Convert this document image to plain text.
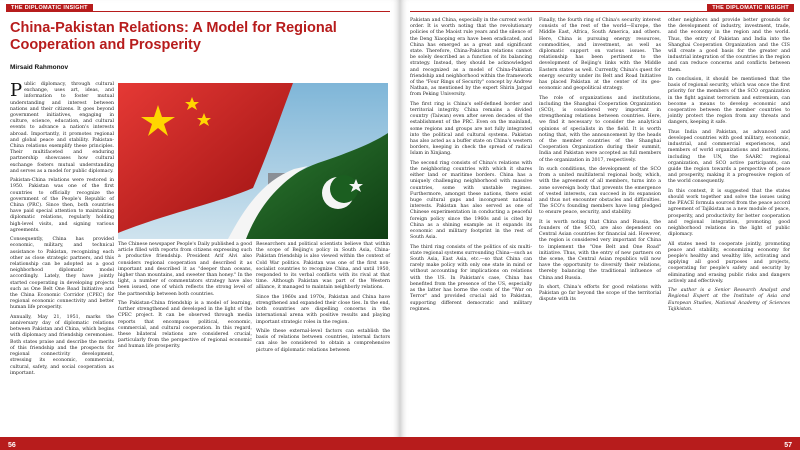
THE DIPLOMATIC INSIGHT
China-Pakistan Relations: A Model for Regional Cooperation and Prosperity
Mirsaid Rahmonov

Public diplomacy, through cultural exchange, uses art, ideas, and information to foster mutual understanding and interest between nations and their citizens. It goes beyond government initiatives, engaging in culture, science, education, and cultural events to advance a nation's interests abroad. Importantly, it promotes regional and global peace and stability. Pakistan-China relations exemplify these principles. Their multifaceted and enduring partnership showcases how cultural exchange fosters mutual understanding and serves as a model for public diplomacy.

Pakistan-China relations were restored in 1950. Pakistan was one of the first countries to officially recognize the government of the People's Republic of China (PRC). Since then, both countries have paid special attention to maintaining diplomatic relations, regularly holding high-level visits, and signing various agreements.

Consequently, China has provided economic, military, and technical assistance to Pakistan, recognizing each other as close strategic partners, and this relationship can be adopted as a good neighborhood diplomatic model accordingly. Lately, they have jointly started cooperating in developing projects such as One Belt One Road Initiative and the China Economic Corridor (CPEC) for regional economic connectivity and better human life prosperity.

Annually, May 21, 1951, marks the anniversary day of diplomatic relations between Pakistan and China, which begins with diplomacy and friendship ceremonies. Both states praise and describe the merits of this friendship and the prospects for regional connectivity development, stressing its economic, commercial, cultural, safety, and social cooperation as important.

The Chinese newspaper People's Daily published a good article filled with reports from citizens expressing such a productive friendship. President Arif Alvi also considers regional cooperation and described it as important and described it as "deeper than oceans, higher than mountains, and sweeter than honey." In the light, a number of commentators strategy have also been issued, one of which reflects the strong level of the partnership between both countries.

The Pakistan-China friendship is a model of learning, further strengthened and developed in the light of the CPEC project. It can be observed through media reports that encompass political, economic, commercial, and cultural cooperation. In this regard, these bilateral relations are considered crucial, particularly from the perspective of regional economic and human life prosperity.

Researchers and political scientists believe that within the scope of Beijing's policy in South Asia, China-Pakistan friendship is also viewed within the context of Cold War politics. Pakistan was one of the first non-socialist countries to recognize China, and until 1950, responded to its verbal conflicts with its rival at that time. Although Pakistan was part of the Western alliance, it managed to maintain neighborly relations.

Since the 1960s and 1970s, Pakistan and China have strengthened and expanded their close ties. In the end, both countries are dispelling concerns in the international arena with positive results and playing important strategic roles in the region.

While these external-level factors can establish the basis of relations between countries, internal factors can also be considered to obtain a comprehensive picture of diplomatic relations between

56
THE DIPLOMATIC INSIGHT

Pakistan and China, especially in the current world order. It is worth noting that the revolutionary policies of the Maoist rule years and the silence of the Deng Xiaoping era have been eradicated, and China has emerged as a great and significant state. Therefore, China-Pakistan relations cannot be solely described as a function of its balancing strategy. Instead, they should be acknowledged and recognized as a model of China-Pakistan friendship and neighborhood within the framework of the "Four Rings of Security" concept by Andrew Nathan, as mentioned by the expert Shirin Jargad from Peking University.

The first ring is China's self-defined border and territorial integrity. China remains a divided country (Taiwan) even after seven decades of the establishment of the PRC. Even on the mainland, some regions and groups are not fully integrated into the political and cultural systems. Pakistan has also acted as a buffer state on China's western borders, keeping in check the spread of radical Islam in Xinjiang.

The second ring consists of China's relations with the neighboring countries with which it shares either land or maritime borders. China has a uniquely challenging neighborhood with massive countries, some with unstable regimes. Furthermore, amongst these nations, there exist huge cultural gaps and incongruent national interests. Pakistan has also served as one of Chinese experimentation in conducting a peaceful foreign policy since the 1960s and is cited by China as a shining example as it expands its economic and military footprint in the rest of South Asia.

The third ring consists of the politics of six multi-state regional systems surrounding China—such as South Asia, East Asia, etc.—so that China can rarely make policy with only one state in mind or without accounting for implications on relations with the US. In Pakistan's case, China has benefited from the presence of the US, especially as the latter has borne the costs of the "War on Terror" and provided crucial aid to Pakistan, supporting different democratic and military regimes.

Finally, the fourth ring of China's security interest consists of the rest of the world—Europe, the Middle East, Africa, South America, and others. Here, China is pursuing energy resources, commodities, and investment, as well as diplomatic support on various issues. The relationship has been pertinent to the development of Beijing's links with the Middle Eastern states as well. Currently, China's quest for energy security under its Belt and Road Initiative has placed Pakistan at the center of its geo-economic and geopolitical strategy.

The role of organizations and institutions, including the Shanghai Cooperation Organization (SCO), is considered very important in strengthening relations between countries. Here, we find it necessary to consider the analytical opinions of specialists in the field. It is worth noting that, with the announcement by the heads of the member countries of the Shanghai Cooperation Organization during their summit, India and Pakistan were accepted as full members of the organization in 2017, respectively.

In such conditions, the development of the SCO from a united multilateral regional body, which, with the agreement of all members, turns into a zone sovereign body that prevents the emergence of vested interests, can succeed in its expansion and thus not encounter obstacles and difficulties. The SCO's founding members have long pledged to ensure peace, security, and stability.

It is worth noting that China and Russia, the founders of the SCO, are also dependent on Central Asian countries for financial aid. However, the region is considered very important for China to implement the "One Belt and One Road" initiative. Thus, with the entry of new partners on the scene, the Central Asian republics will now have the opportunity to diversify their relations, thereby balancing the traditional influence of China and Russia.

In short, China's efforts for good relations with Pakistan go far beyond the scope of the territorial dispute with its

other neighbors and provide better grounds for the development of industry, investment, trade, and the economy in the region and the world. Thus, the entry of Pakistan and India into the Shanghai Cooperation Organization and the CIS will create a good basis for the greater and industrial integration of the countries in the region and can reduce concerns and conflicts between them.

In conclusion, it should be mentioned that the basis of regional security, which was once the first priority for the members of the SCO organization in the fight against terrorism and extremism, can become a means to develop economic and cooperative between the member countries to jointly protect the region from any threats and dangers, keeping it safe.

Thus India and Pakistan, as advanced and developed countries with good military, economic, industrial, and commercial experiences, and members of world organizations and institutions, including the UN, the SAARC regional organization, and SCO active participants, can guide the region towards a perspective of peace and prosperity, making it a progressive region of the world consequently.

In this context, it is suggested that the states should work together and solve the issues using the PEACE formula sourced from the peace accord agreement of Tajikistan as a new module of peace, prosperity, and productivity for better cooperation and regional integration, promoting good neighborhood relations in the light of public diplomacy.

All states need to cooperate jointly, promoting peace and stability, economizing economy for people's healthy and wealthy life, activating and applying all good purposes and projects, cooperating for people's safety and security by eliminating and erasing public risks and dangers actively and effectively.

The author is a Senior Research Analyst and Regional Expert at the Institute of Asia and European Studies, National Academy of Sciences Tajikistan.

57
